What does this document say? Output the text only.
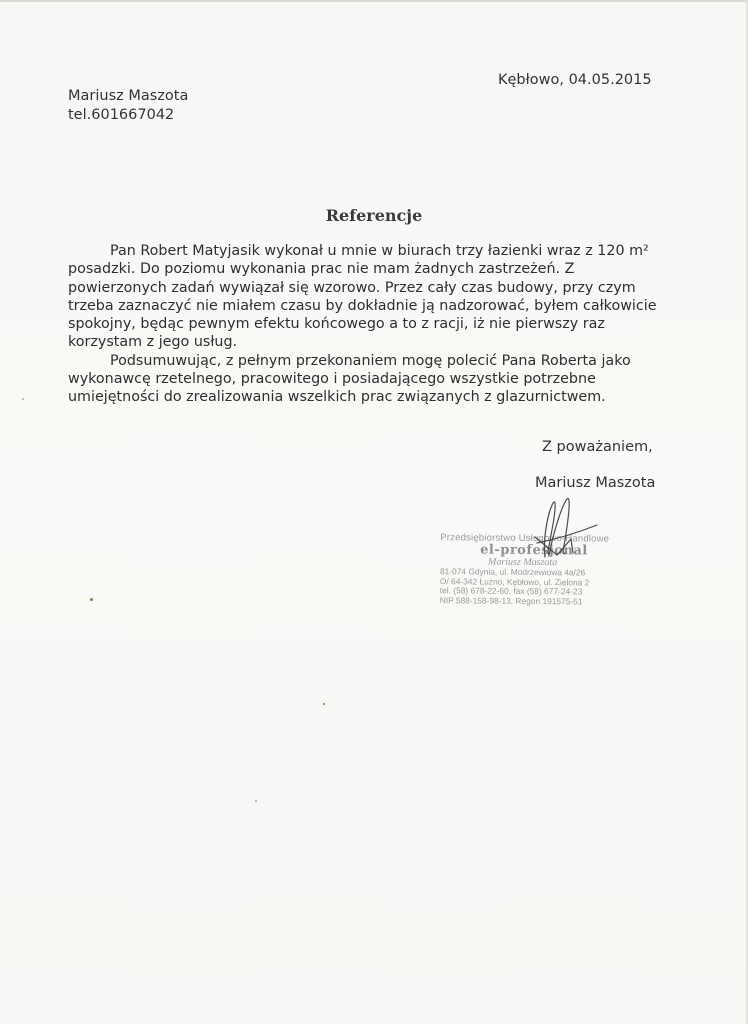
Kębłowo, 04.05.2015
Mariusz Maszota
tel.601667042
Referencje

Pan Robert Matyjasik wykonał u mnie w biurach trzy łazienki wraz z 120 m² posadzki. Do poziomu wykonania prac nie mam żadnych zastrzeżeń. Z powierzonych zadań wywiązał się wzorowo. Przez cały czas budowy, przy czym trzeba zaznaczyć nie miałem czasu by dokładnie ją nadzorować, byłem całkowicie spokojny, będąc pewnym efektu końcowego a to z racji, iż nie pierwszy raz korzystam z jego usług.

Podsumuwując, z pełnym przekonaniem mogę polecić Pana Roberta jako wykonawcę rzetelnego, pracowitego i posiadającego wszystkie potrzebne umiejętności do zrealizowania wszelkich prac związanych z glazurnictwem.

Z poważaniem,
Mariusz Maszota
Przedsiębiorstwo Usługowo-Handlowe
el-profesjonal
Mariusz Maszota
81-074 Gdynia, ul. Modrzewiowa 4a/26
O/ 64-342 Łużno, Kębłowo, ul. Zielona 2
tel. (58) 678-22-60, fax (58) 677-24-23
NIP 588-158-98-13, Regon 191575-51
